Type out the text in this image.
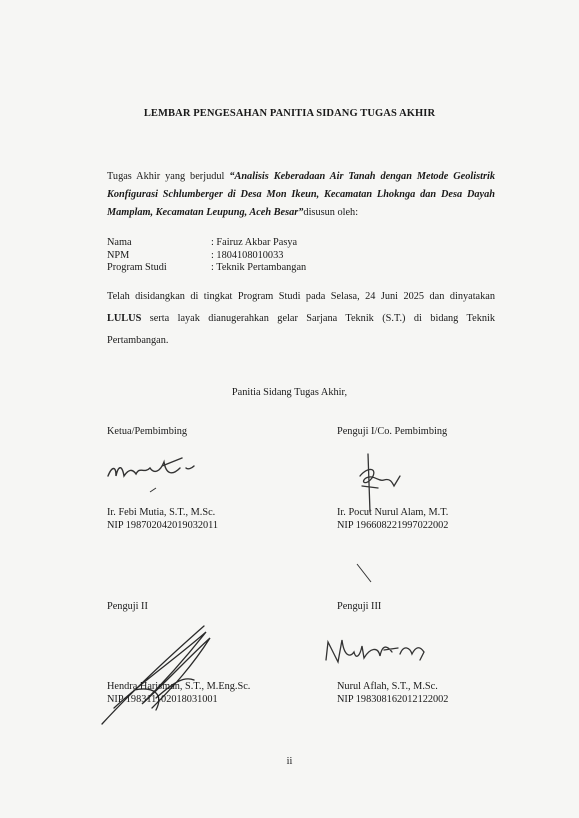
LEMBAR PENGESAHAN PANITIA SIDANG TUGAS AKHIR
Tugas Akhir yang berjudul “Analisis Keberadaan Air Tanah dengan Metode Geolistrik Konfigurasi Schlumberger di Desa Mon Ikeun, Kecamatan Lhoknga dan Desa Dayah Mamplam, Kecamatan Leupung, Aceh Besar”disusun oleh:
Nama	: Fairuz Akbar Pasya
NPM	: 1804108010033
Program Studi	: Teknik Pertambangan
Telah disidangkan di tingkat Program Studi pada Selasa, 24 Juni 2025 dan dinyatakan LULUS serta layak dianugerahkan gelar Sarjana Teknik (S.T.) di bidang Teknik Pertambangan.
Panitia Sidang Tugas Akhir,
Ketua/Pembimbing
Ir. Febi Mutia, S.T., M.Sc.
NIP 198702042019032011
Penguji I/Co. Pembimbing
Ir. Pocut Nurul Alam, M.T.
NIP 196608221997022002
Penguji II
Hendra Harisman, S.T., M.Eng.Sc.
NIP 198311102018031001
Penguji III
Nurul Aflah, S.T., M.Sc.
NIP 198308162012122002
ii
